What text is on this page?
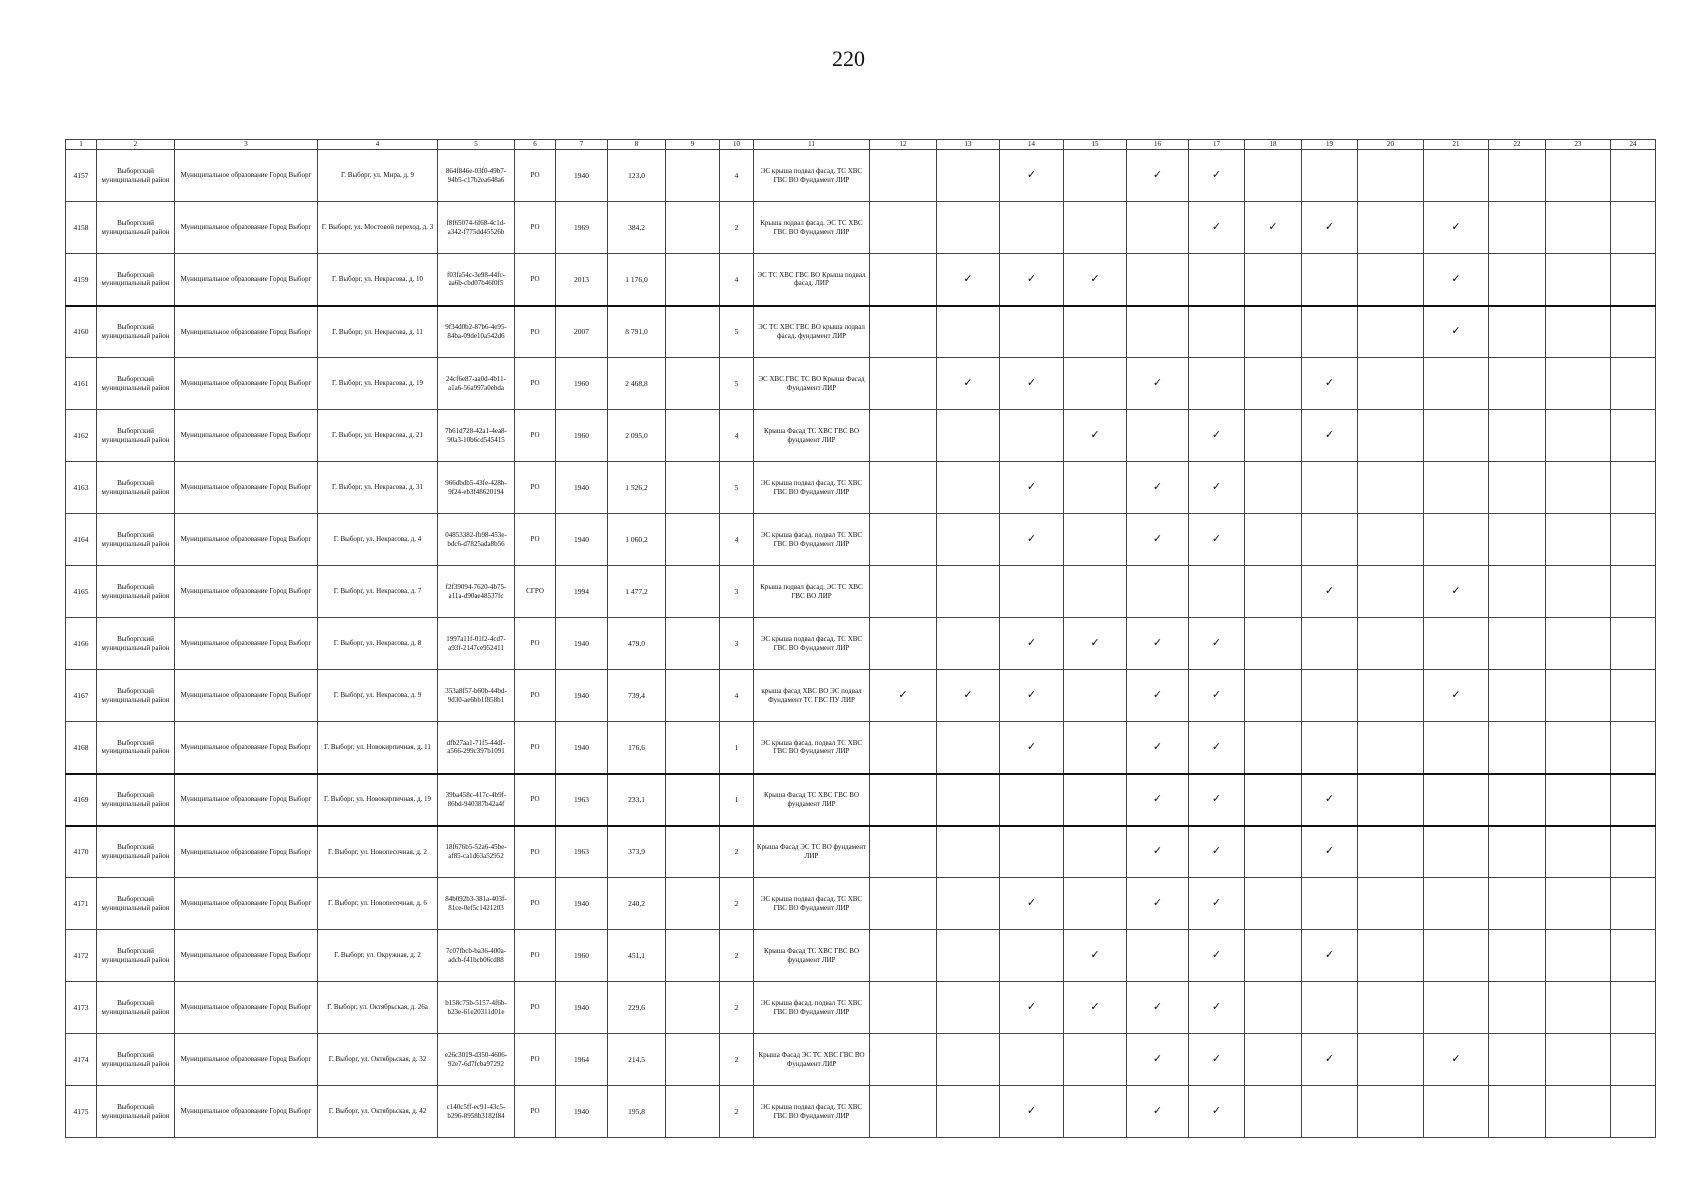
220
1	2	3	4	5	6	7	8	9	10	11	12	13	14	15	16	17	18	19	20	21	22	23	24
4157	Выборгский муниципальный район	Муниципальное образование Город Выборг	Г. Выборг, ул. Мира, д. 9	864f846e-03f0-49b7-94b5-c17b2ea648a6	РО	1940	123,0		4	ЭС крыша подвал фасад. ТС ХВС ГВС ВО Фундамент ЛИР			✓		✓	✓							
4158	Выборгский муниципальный район	Муниципальное образование Город Выборг	Г. Выборг, ул. Мостовой переход, д. 3	f8f65074-6f68-4c1d-a342-f775dd45526b	РО	1969	384,2		2	Крыша подвал фасад. ЭС ТС ХВС ГВС ВО Фундамент ЛИР						✓	✓	✓		✓			
4159	Выборгский муниципальный район	Муниципальное образование Город Выборг	Г. Выборг, ул. Некрасова, д. 10	f03fa54c-3e98-44fc-aa6b-cbd07b46f0f5	РО	2013	1 176,0		4	ЭС ТС ХВС ГВС ВО Крыша подвал фасад. ЛИР		✓	✓	✓						✓			
4160	Выборгский муниципальный район	Муниципальное образование Город Выборг	Г. Выборг, ул. Некрасова, д. 11	9f34d0b2-87b6-4e95-84ba-09de10a542d6	РО	2007	8 791,0		5	ЭС ТС ХВС ГВС ВО крыша подвал фасад. фундамент ЛИР										✓			
4161	Выборгский муниципальный район	Муниципальное образование Город Выборг	Г. Выборг, ул. Некрасова, д. 19	24cf6e87-aa0d-4b11-a1a6-56a997a0ebda	РО	1960	2 468,8		5	ЭС ХВС ГВС ТС ВО Крыша Фасад Фундамент ЛИР		✓	✓		✓			✓					
4162	Выборгский муниципальный район	Муниципальное образование Город Выборг	Г. Выборг, ул. Некрасова, д. 21	7b61d728-42a1-4ea8-90a3-10b6cd545415	РО	1960	2 095,0		4	Крыша Фасад ТС ХВС ГВС ВО фундамент ЛИР				✓		✓		✓					
4163	Выборгский муниципальный район	Муниципальное образование Город Выборг	Г. Выборг, ул. Некрасова, д. 31	966dbdb5-43fe-428b-9f24-eb3f48620194	РО	1940	1 526,2		5	ЭС крыша подвал фасад. ТС ХВС ГВС ВО Фундамент ЛИР			✓		✓	✓							
4164	Выборгский муниципальный район	Муниципальное образование Город Выборг	Г. Выборг, ул. Некрасова, д. 4	04853382-fb98-453e-bdc6-d7825ada8b56	РО	1940	1 060,2		4	ЭС крыша фасад. подвал ТС ХВС ГВС ВО Фундамент ЛИР			✓		✓	✓							
4165	Выборгский муниципальный район	Муниципальное образование Город Выборг	Г. Выборг, ул. Некрасова, д. 7	f2f39094-7620-4b75-a11a-d90ae48537fc	СГРО	1994	1 477,2		3	Крыша подвал фасад. ЭС ТС ХВС ГВС ВО ЛИР								✓		✓			
4166	Выборгский муниципальный район	Муниципальное образование Город Выборг	Г. Выборг, ул. Некрасова, д. 8	1997a11f-01f2-4cd7-a93f-2147ce952411	РО	1940	479,0		3	ЭС крыша подвал фасад. ТС ХВС ГВС ВО Фундамент ЛИР			✓	✓	✓	✓							
4167	Выборгский муниципальный район	Муниципальное образование Город Выборг	Г. Выборг, ул. Некрасова, д. 9	353a8f57-b60b-44bd-9d30-ae6bb1f858b1	РО	1940	739,4		4	крыша фасад ХВС ВО ЭС подвал Фундамент ТС ГВС ПУ ЛИР	✓	✓	✓		✓	✓				✓			
4168	Выборгский муниципальный район	Муниципальное образование Город Выборг	Г. Выборг, ул. Новокирпичная, д. 11	dfb27aa1-71f5-44df-a566-299c397b1091	РО	1940	176,6		1	ЭС крыша фасад. подвал ТС ХВС ГВС ВО Фундамент ЛИР			✓		✓	✓							
4169	Выборгский муниципальный район	Муниципальное образование Город Выборг	Г. Выборг, ул. Новокирпичная, д. 19	39ba458c-417c-4b9f-86bd-940387b42a4f	РО	1963	233,1		1	Крыша Фасад ТС ХВС ГВС ВО фундамент ЛИР					✓	✓		✓					
4170	Выборгский муниципальный район	Муниципальное образование Город Выборг	Г. Выборг, ул. Новопесочная, д. 2	18f676b5-52a6-45be-af85-ca1d63a52952	РО	1963	373,9		2	Крыша Фасад ЭС ТС ВО фундамент ЛИР					✓	✓		✓					
4171	Выборгский муниципальный район	Муниципальное образование Город Выборг	Г. Выборг, ул. Новопесочная, д. 6	84b092b3-381a-403f-81ce-0ef5c1421203	РО	1940	240,2		2	ЭС крыша подвал фасад. ТС ХВС ГВС ВО Фундамент ЛИР			✓		✓	✓							
4172	Выборгский муниципальный район	Муниципальное образование Город Выборг	Г. Выборг, ул. Окружная, д. 2	7c07fbcb-ba36-400a-adcb-f41bcb06cd88	РО	1960	451,1		2	Крыша Фасад ТС ХВС ГВС ВО фундамент ЛИР				✓		✓		✓					
4173	Выборгский муниципальный район	Муниципальное образование Город Выборг	Г. Выборг, ул. Октябрьская, д. 26а	b158c75b-5157-4f6b-b23e-61e20311d01e	РО	1940	229,6		2	ЭС крыша фасад. подвал ТС ХВС ГВС ВО Фундамент ЛИР			✓	✓	✓	✓							
4174	Выборгский муниципальный район	Муниципальное образование Город Выборг	Г. Выборг, ул. Октябрьская, д. 32	e26c3019-d350-4606-92e7-6d7fcba97292	РО	1964	214,5		2	Крыша Фасад ЭС ТС ХВС ГВС ВО Фундамент ЛИР					✓	✓		✓		✓			
4175	Выборгский муниципальный район	Муниципальное образование Город Выборг	Г. Выборг, ул. Октябрьская, д. 42	c140c5ff-ec91-43c5-b296-8958b3182f84	РО	1940	195,8		2	ЭС крыша подвал фасад. ТС ХВС ГВС ВО Фундамент ЛИР			✓		✓	✓							
